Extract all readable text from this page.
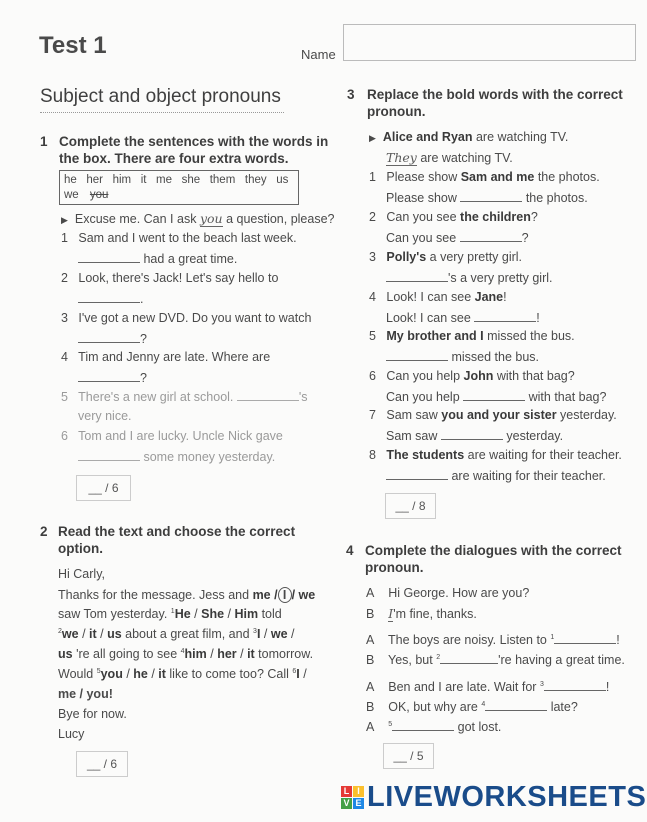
Test 1	Name
Subject and object pronouns
1 Complete the sentences with the words in
the box. There are four extra words.
he   her   him   it   me   she   them   they   us
we you
▶ Excuse me. Can I ask you a question, please?
1 Sam and I went to the beach last week.
had a great time.
2 Look, there's Jack! Let's say hello to
.
3 I've got a new DVD. Do you want to watch
?
4 Tim and Jenny are late. Where are
?
5 There's a new girl at school.	's
very nice.
6 Tom and I are lucky. Uncle Nick gave
some money yesterday.
__ / 6
2 Read the text and choose the correct
option.
Hi Carly,
Thanks for the message. Jess and me / I / we
saw Tom yesterday. $^1$He / She / Him told
$^2$we / it / us about a great film, and $^3$I / we /
us 're all going to see $^4$him / her / it tomorrow.
Would $^5$you / he / it like to come too? Call $^6$I /
me / you!
Bye for now.
Lucy
__ / 6
3 Replace the bold words with the correct
pronoun.
▶ Alice and Ryan are watching TV.
They are watching TV.
1   Please show Sam and me the photos.
Please show	the photos.
2   Can you see the children?
Can you see	?
3   Polly's a very pretty girl.
's a very pretty girl.
4   Look! I can see Jane!
Look! I can see	!
5   My brother and I missed the bus.
missed the bus.
6   Can you help John with that bag?
Can you help	with that bag?
7   Sam saw you and your sister yesterday.
Sam saw	yesterday.
8   The students are waiting for their teacher.
are waiting for their teacher.
__ / 8
4 Complete the dialogues with the correct
pronoun.
A    Hi George. How are you?
B    I'm fine, thanks.
A    The boys are noisy. Listen to $^1$	!
B    Yes, but $^2$	're having a great time.
A    Ben and I are late. Wait for $^3$	!
B    OK, but why are $^4$	late?
A    $^5$	got lost.
__ / 5
L I
V E LIVEWORKSHEETS
